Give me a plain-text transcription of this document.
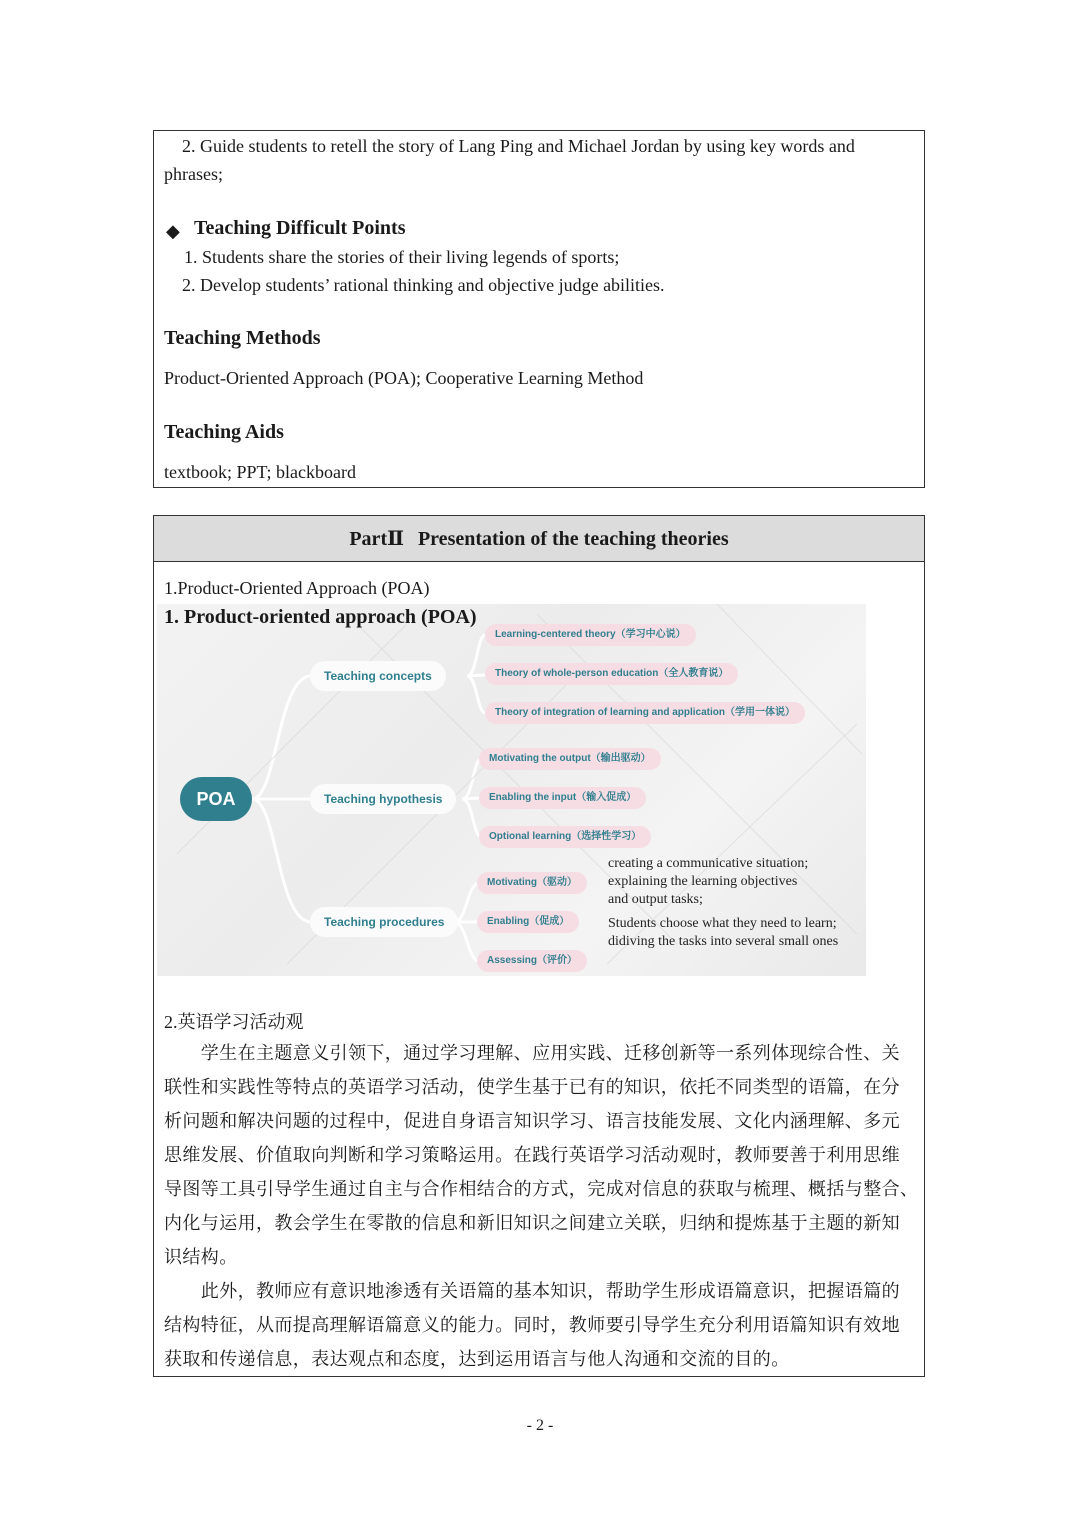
2. Guide students to retell the story of Lang Ping and Michael Jordan by using key words and
phrases;
◆ Teaching Difficult Points
1. Students share the stories of their living legends of sports;
2. Develop students’ rational thinking and objective judge abilities.
Teaching Methods
Product-Oriented Approach (POA); Cooperative Learning Method
Teaching Aids
textbook; PPT; blackboard
PartⅡ Presentation of the teaching theories
1.Product-Oriented Approach (POA)
1. Product-oriented approach (POA)
POA
Teaching concepts
Teaching hypothesis
Teaching procedures
Learning-centered theory（学习中心说）
Theory of whole-person education（全人教育说）
Theory of integration of learning and application（学用一体说）
Motivating the output（输出驱动）
Enabling the input（输入促成）
Optional learning（选择性学习）
Motivating（驱动）
Enabling（促成）
Assessing（评价）
creating a communicative situation;
explaining the learning objectives
and output tasks;
Students choose what they need to learn;
didiving the tasks into several small ones
2.英语学习活动观
　　学生在主题意义引领下，通过学习理解、应用实践、迁移创新等一系列体现综合性、关
联性和实践性等特点的英语学习活动，使学生基于已有的知识，依托不同类型的语篇，在分
析问题和解决问题的过程中，促进自身语言知识学习、语言技能发展、文化内涵理解、多元
思维发展、价值取向判断和学习策略运用。在践行英语学习活动观时，教师要善于利用思维
导图等工具引导学生通过自主与合作相结合的方式，完成对信息的获取与梳理、概括与整合、
内化与运用，教会学生在零散的信息和新旧知识之间建立关联，归纳和提炼基于主题的新知
识结构。
　　此外，教师应有意识地渗透有关语篇的基本知识，帮助学生形成语篇意识，把握语篇的
结构特征，从而提高理解语篇意义的能力。同时，教师要引导学生充分利用语篇知识有效地
获取和传递信息，表达观点和态度，达到运用语言与他人沟通和交流的目的。
- 2 -
